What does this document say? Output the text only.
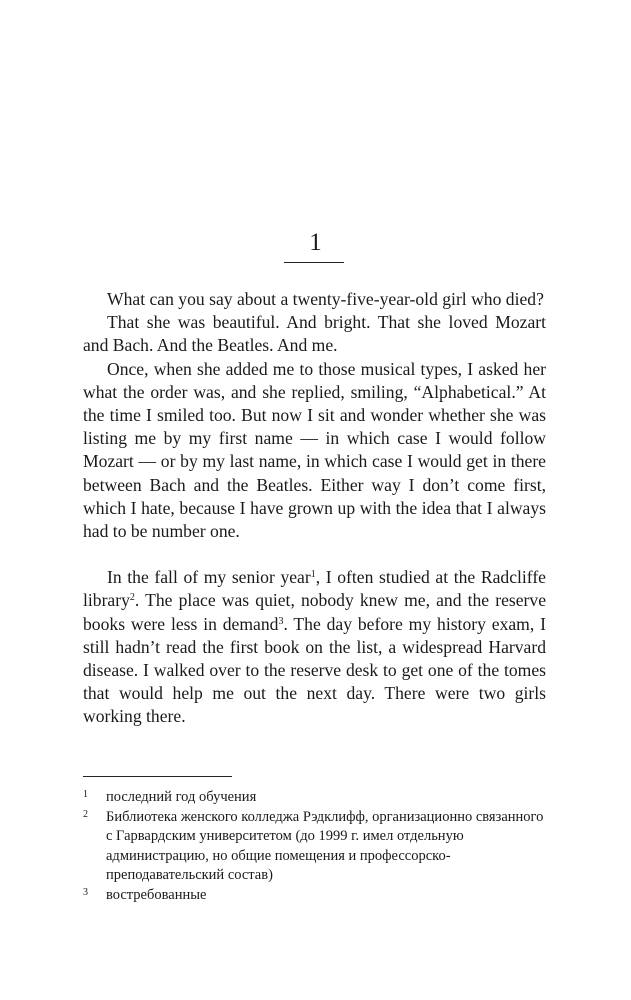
1

What can you say about a twenty-five-year-old girl who died?

That she was beautiful. And bright. That she loved Mozart and Bach. And the Beatles. And me.

Once, when she added me to those musical types, I asked her what the order was, and she replied, smiling, “Alphabetical.” At the time I smiled too. But now I sit and wonder whether she was listing me by my first name — in which case I would follow Mozart — or by my last name, in which case I would get in there between Bach and the Beatles. Either way I don’t come first, which I hate, because I have grown up with the idea that I always had to be number one.

In the fall of my senior year$^1$, I often studied at the Radcliffe library$^2$. The place was quiet, nobody knew me, and the reserve books were less in demand$^3$. The day before my history exam, I still hadn’t read the first book on the list, a widespread Harvard disease. I walked over to the reserve desk to get one of the tomes that would help me out the next day. There were two girls working there.

1	последний год обучения
2	Библиотека женского колледжа Рэдклифф, организационно связанного с Гарвардским университетом (до 1999 г. имел отдельную администрацию, но общие помещения и профессорско-преподавательский состав)
3	востребованные
